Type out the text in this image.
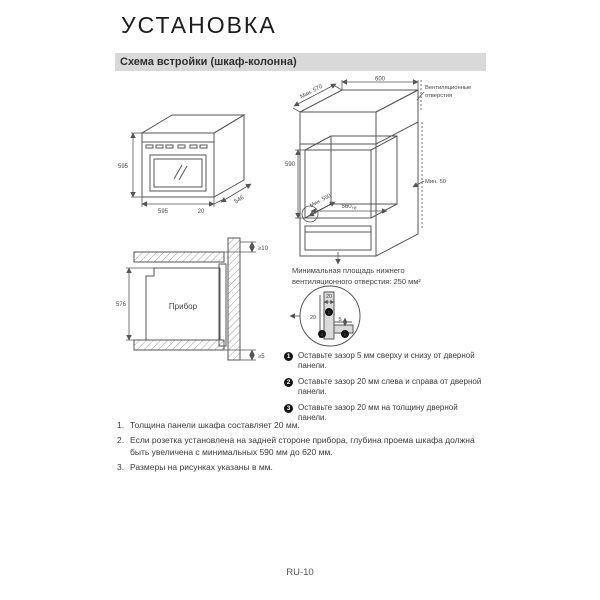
УСТАНОВКА
Схема встройки (шкаф-колонна)
595
595
546
20
Мин. 570
600
Вентиляционные
отверстия
590
Мин. 550 $560_{+8}$
Мин. 50
Минимальная площадь нижнего вентиляционного отверстия: 250 мм²
Прибор
576
≥10
≥5
20
20	5
2
3	1
1 Оставьте зазор 5 мм сверху и снизу от дверной панели.
2 Оставьте зазор 20 мм слева и справа от дверной панели.
3 Оставьте зазор 20 мм на толщину дверной панели.
1. Толщина панели шкафа составляет 20 мм.
2. Если розетка установлена на задней стороне прибора, глубина проема шкафа должна быть увеличена с минимальных 590 мм до 620 мм.
3. Размеры на рисунках указаны в мм.
RU-10
